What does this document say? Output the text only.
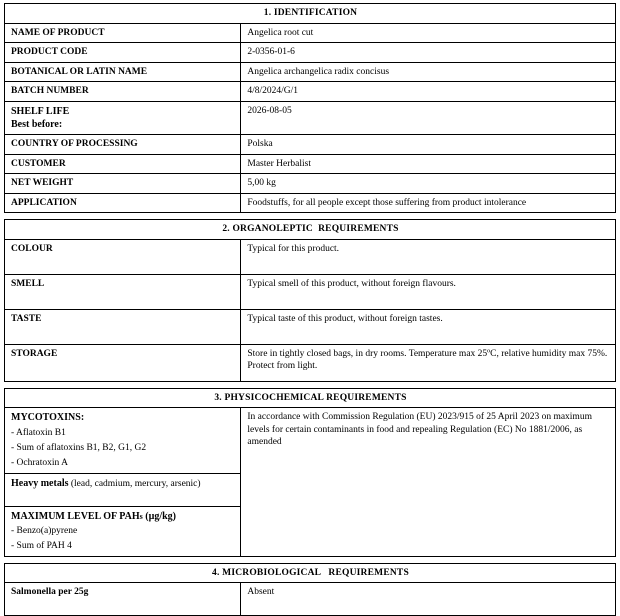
1. IDENTIFICATION	
NAME OF PRODUCT	Angelica root cut
PRODUCT CODE	2-0356-01-6
BOTANICAL OR LATIN NAME	Angelica archangelica radix concisus
BATCH NUMBER	4/8/2024/G/1

SHELF LIFE
Best before:	2026-08-05
COUNTRY OF PROCESSING	Polska
CUSTOMER	Master Herbalist
NET WEIGHT	5,00 kg
APPLICATION	Foodstuffs, for all people except those suffering from product intolerance
2. ORGANOLEPTIC  REQUIREMENTS	
COLOUR	Typical for this product.
SMELL	Typical smell of this product, without foreign flavours.
TASTE	Typical taste of this product, without foreign tastes.
STORAGE	Store in tightly closed bags, in dry rooms. Temperature max 25ºC, relative humidity max 75%. Protect from light.
3. PHYSICOCHEMICAL REQUIREMENTS

MYCOTOXINS:
- Aflatoxin B1
- Sum of aflatoxins B1, B2, G1, G2
- Ochratoxin A
	In accordance with Commission Regulation (EU) 2023/915 of 25 April 2023 on maximum levels for certain contaminants in food and repealing Regulation (EC) No 1881/2006, as amended
Heavy metals (lead, cadmium, mercury, arsenic)

MAXIMUM LEVEL OF PAHs (µg/kg)
- Benzo(a)pyrene
- Sum of PAH 4
4. MICROBIOLOGICAL   REQUIREMENTS
Salmonella per 25g	Absent
